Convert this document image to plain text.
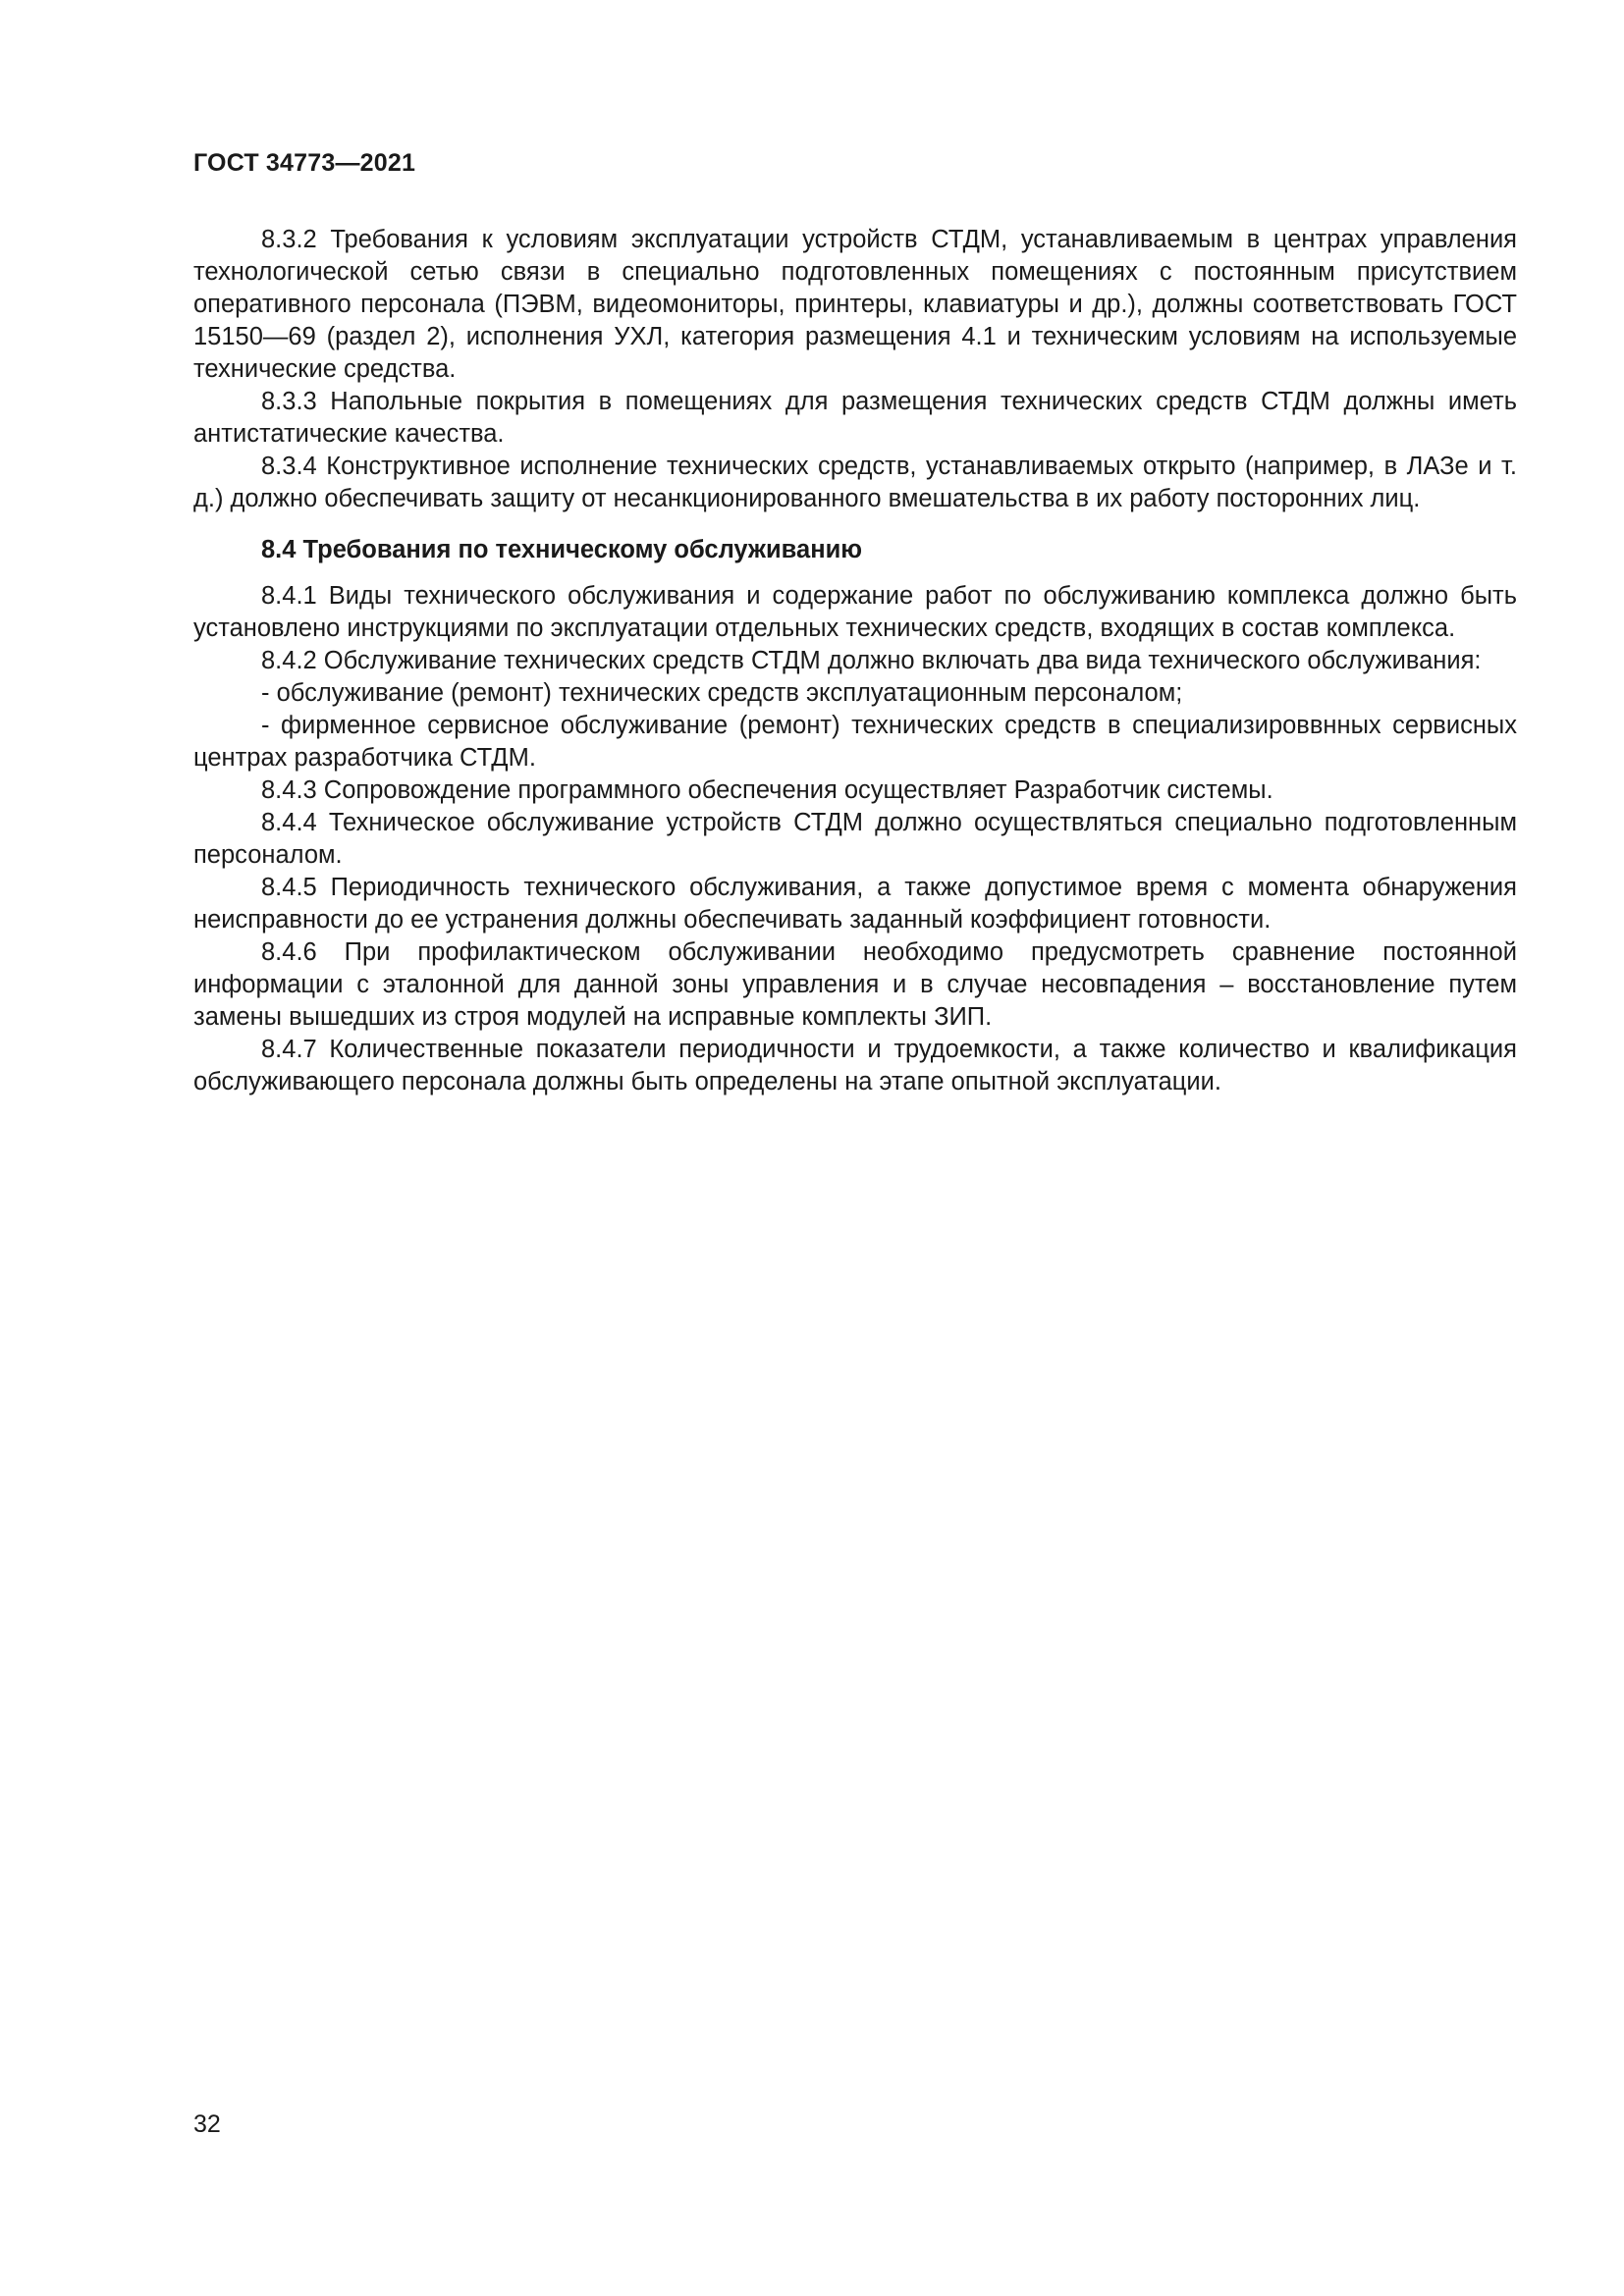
ГОСТ 34773—2021

8.3.2 Требования к условиям эксплуатации устройств СТДМ, устанавливаемым в центрах управления технологической сетью связи в специально подготовленных помещениях с постоянным присутствием оперативного персонала (ПЭВМ, видеомониторы, принтеры, клавиатуры и др.), должны соответствовать ГОСТ 15150—69 (раздел 2), исполнения УХЛ, категория размещения 4.1 и техническим условиям на используемые технические средства.

8.3.3 Напольные покрытия в помещениях для размещения технических средств СТДМ должны иметь антистатические качества.

8.3.4 Конструктивное исполнение технических средств, устанавливаемых открыто (например, в ЛАЗе и т. д.) должно обеспечивать защиту от несанкционированного вмешательства в их работу посторонних лиц.

8.4 Требования по техническому обслуживанию

8.4.1 Виды технического обслуживания и содержание работ по обслуживанию комплекса должно быть установлено инструкциями по эксплуатации отдельных технических средств, входящих в состав комплекса.

8.4.2 Обслуживание технических средств СТДМ должно включать два вида технического обслуживания:

- обслуживание (ремонт) технических средств эксплуатационным персоналом;

- фирменное сервисное обслуживание (ремонт) технических средств в специализироввнных сервисных центрах разработчика СТДМ.

8.4.3 Сопровождение программного обеспечения осуществляет Разработчик системы.

8.4.4 Техническое обслуживание устройств СТДМ должно осуществляться специально подготовленным персоналом.

8.4.5 Периодичность технического обслуживания, а также допустимое время с момента обнаружения неисправности до ее устранения должны обеспечивать заданный коэффициент готовности.

8.4.6 При профилактическом обслуживании необходимо предусмотреть сравнение постоянной информации с эталонной для данной зоны управления и в случае несовпадения – восстановление путем замены вышедших из строя модулей на исправные комплекты ЗИП.

8.4.7 Количественные показатели периодичности и трудоемкости, а также количество и квалификация обслуживающего персонала должны быть определены на этапе опытной эксплуатации.

32
